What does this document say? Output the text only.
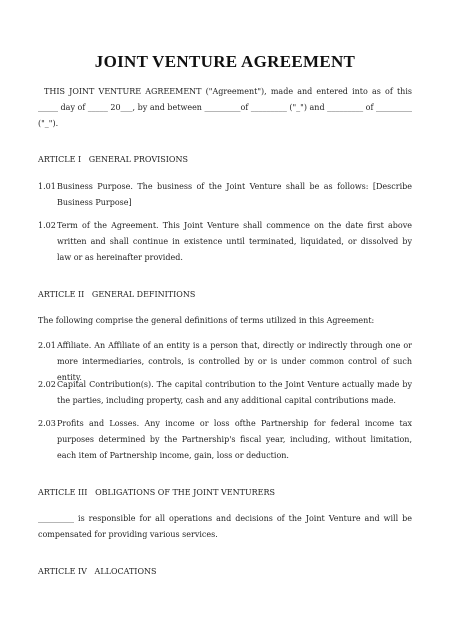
JOINT VENTURE AGREEMENT
THIS JOINT VENTURE AGREEMENT ("Agreement"), made and entered into as of this _____ day of _____ 20___, by and between _________of _________ ("_") and _________ of _________ ("_").
ARTICLE I   GENERAL PROVISIONS
1.01 Business Purpose. The business of the Joint Venture shall be as follows: [Describe Business Purpose]
1.02 Term of the Agreement. This Joint Venture shall commence on the date first above written and shall continue in existence until terminated, liquidated, or dissolved by law or as hereinafter provided.
ARTICLE II   GENERAL DEFINITIONS
The following comprise the general definitions of terms utilized in this Agreement:
2.01 Affiliate. An Affiliate of an entity is a person that, directly or indirectly through one or more intermediaries, controls, is controlled by or is under common control of such entity.
2.02 Capital Contribution(s). The capital contribution to the Joint Venture actually made by the parties, including property, cash and any additional capital contributions made.
2.03 Profits and Losses. Any income or loss ofthe Partnership for federal income tax purposes determined by the Partnership's fiscal year, including, without limitation, each item of Partnership income, gain, loss or deduction.
ARTICLE III   OBLIGATIONS OF THE JOINT VENTURERS
_________ is responsible for all operations and decisions of the Joint Venture and will be compensated for providing various services.
ARTICLE IV   ALLOCATIONS
